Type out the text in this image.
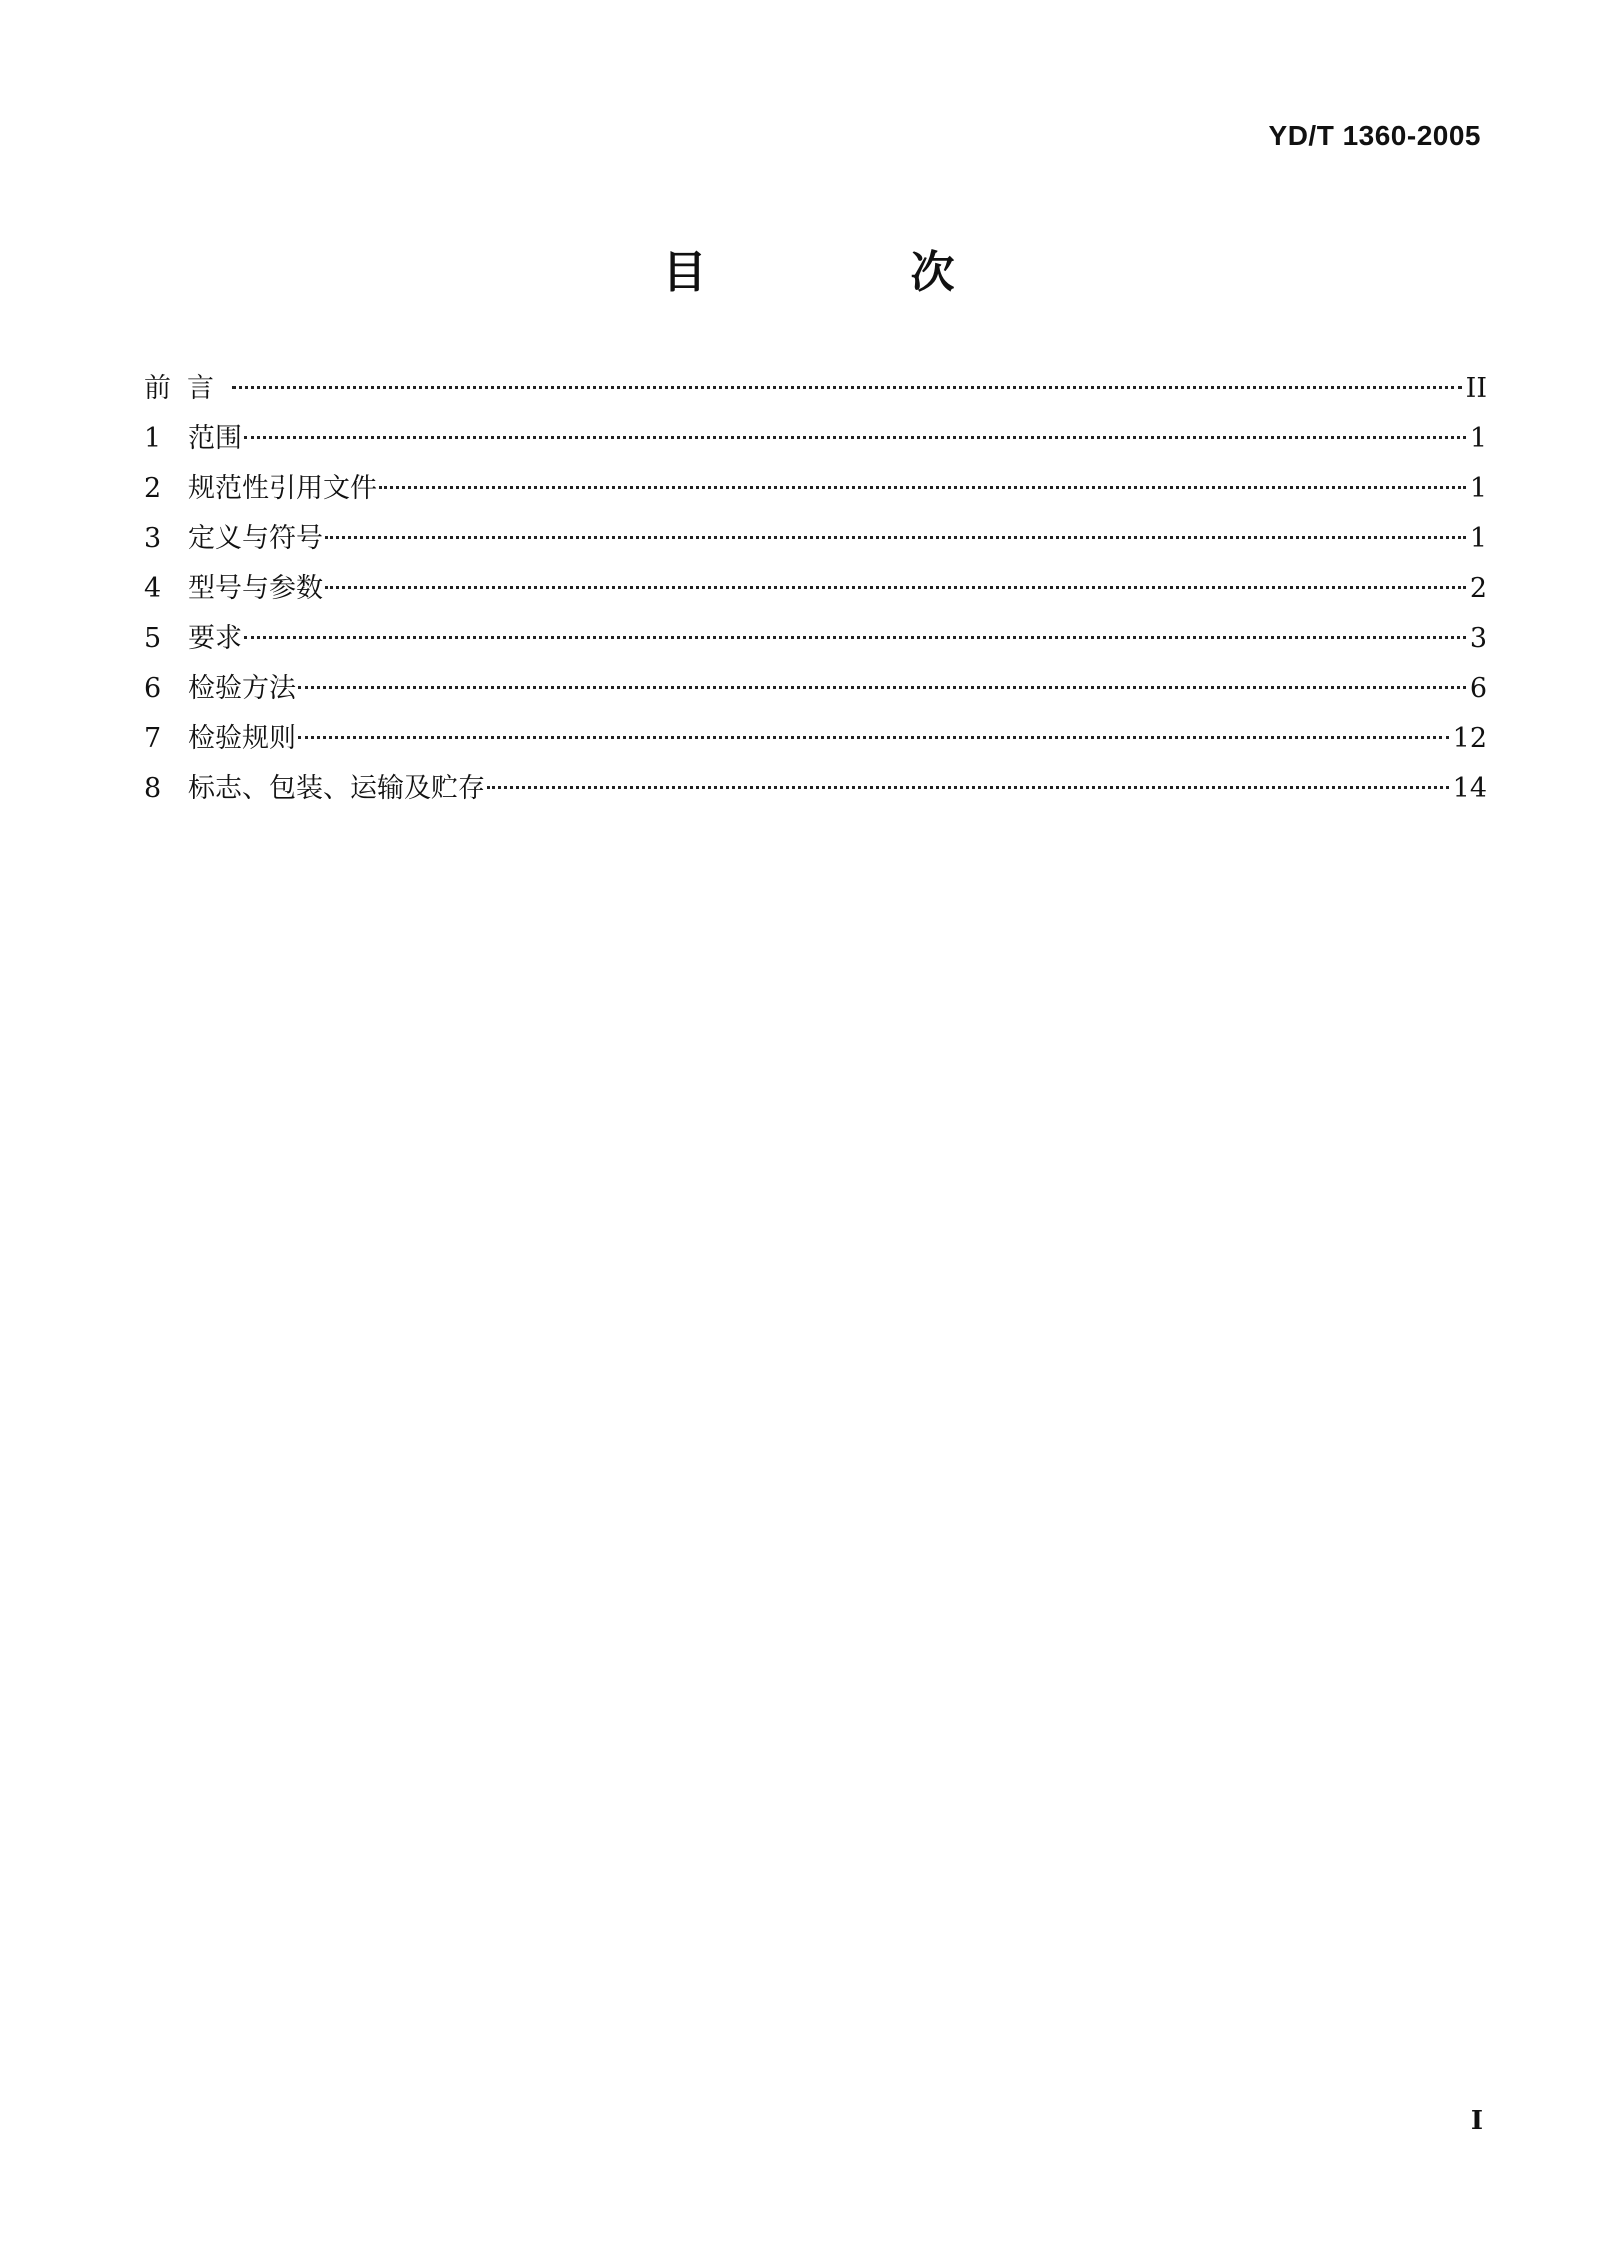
YD/T 1360-2005
目　次
前言	II
1 范围	1
2 规范性引用文件	1
3 定义与符号	1
4 型号与参数	2
5 要求	3
6 检验方法	6
7 检验规则	12
8 标志、包装、运输及贮存	14
I
